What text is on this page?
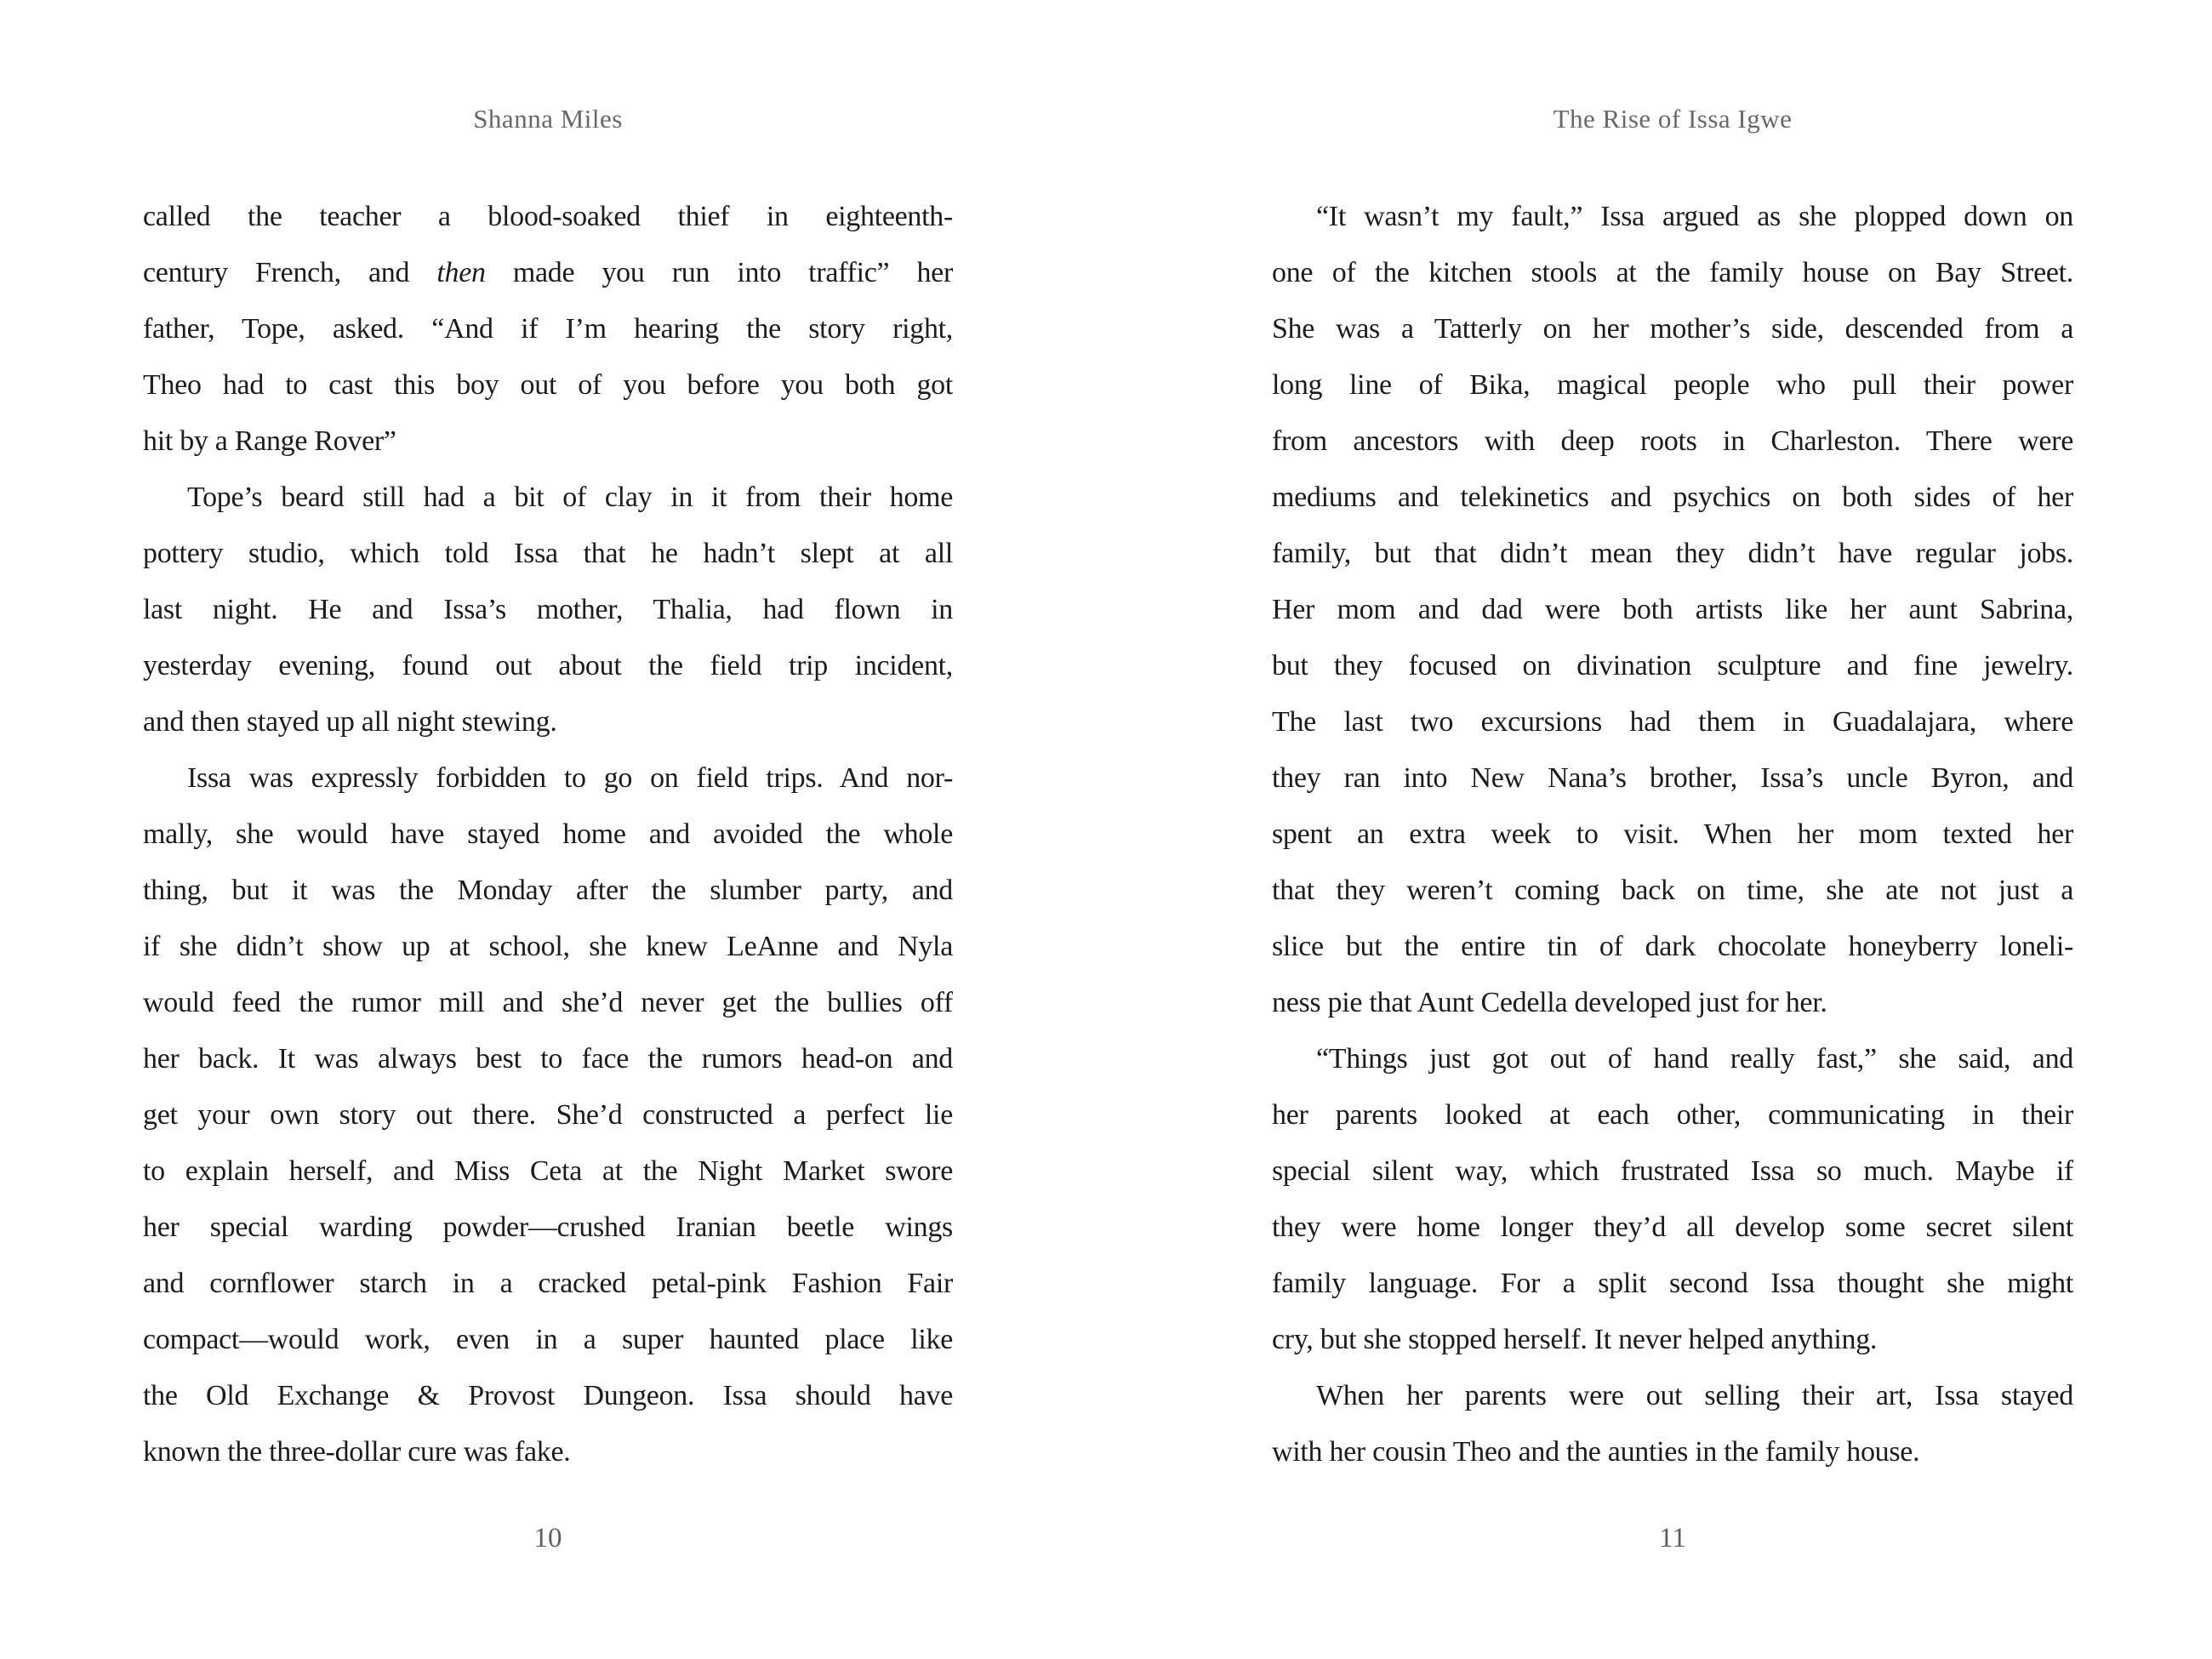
Shanna Miles	The Rise of Issa Igwe
called the teacher a blood-soaked thief in eighteenth-
century French, and then made you run into traffic” her
father, Tope, asked. “And if I’m hearing the story right,
Theo had to cast this boy out of you before you both got
hit by a Range Rover”
Tope’s beard still had a bit of clay in it from their home
pottery studio, which told Issa that he hadn’t slept at all
last night. He and Issa’s mother, Thalia, had flown in
yesterday evening, found out about the field trip incident,
and then stayed up all night stewing.
Issa was expressly forbidden to go on field trips. And nor-
mally, she would have stayed home and avoided the whole
thing, but it was the Monday after the slumber party, and
if she didn’t show up at school, she knew LeAnne and Nyla
would feed the rumor mill and she’d never get the bullies off
her back. It was always best to face the rumors head-on and
get your own story out there. She’d constructed a perfect lie
to explain herself, and Miss Ceta at the Night Market swore
her special warding powder—crushed Iranian beetle wings
and cornflower starch in a cracked petal-pink Fashion Fair
compact—would work, even in a super haunted place like
the Old Exchange & Provost Dungeon. Issa should have
known the three-dollar cure was fake.
“It wasn’t my fault,” Issa argued as she plopped down on
one of the kitchen stools at the family house on Bay Street.
She was a Tatterly on her mother’s side, descended from a
long line of Bika, magical people who pull their power
from ancestors with deep roots in Charleston. There were
mediums and telekinetics and psychics on both sides of her
family, but that didn’t mean they didn’t have regular jobs.
Her mom and dad were both artists like her aunt Sabrina,
but they focused on divination sculpture and fine jewelry.
The last two excursions had them in Guadalajara, where
they ran into New Nana’s brother, Issa’s uncle Byron, and
spent an extra week to visit. When her mom texted her
that they weren’t coming back on time, she ate not just a
slice but the entire tin of dark chocolate honeyberry loneli-
ness pie that Aunt Cedella developed just for her.
“Things just got out of hand really fast,” she said, and
her parents looked at each other, communicating in their
special silent way, which frustrated Issa so much. Maybe if
they were home longer they’d all develop some secret silent
family language. For a split second Issa thought she might
cry, but she stopped herself. It never helped anything.
When her parents were out selling their art, Issa stayed
with her cousin Theo and the aunties in the family house.
10	11
